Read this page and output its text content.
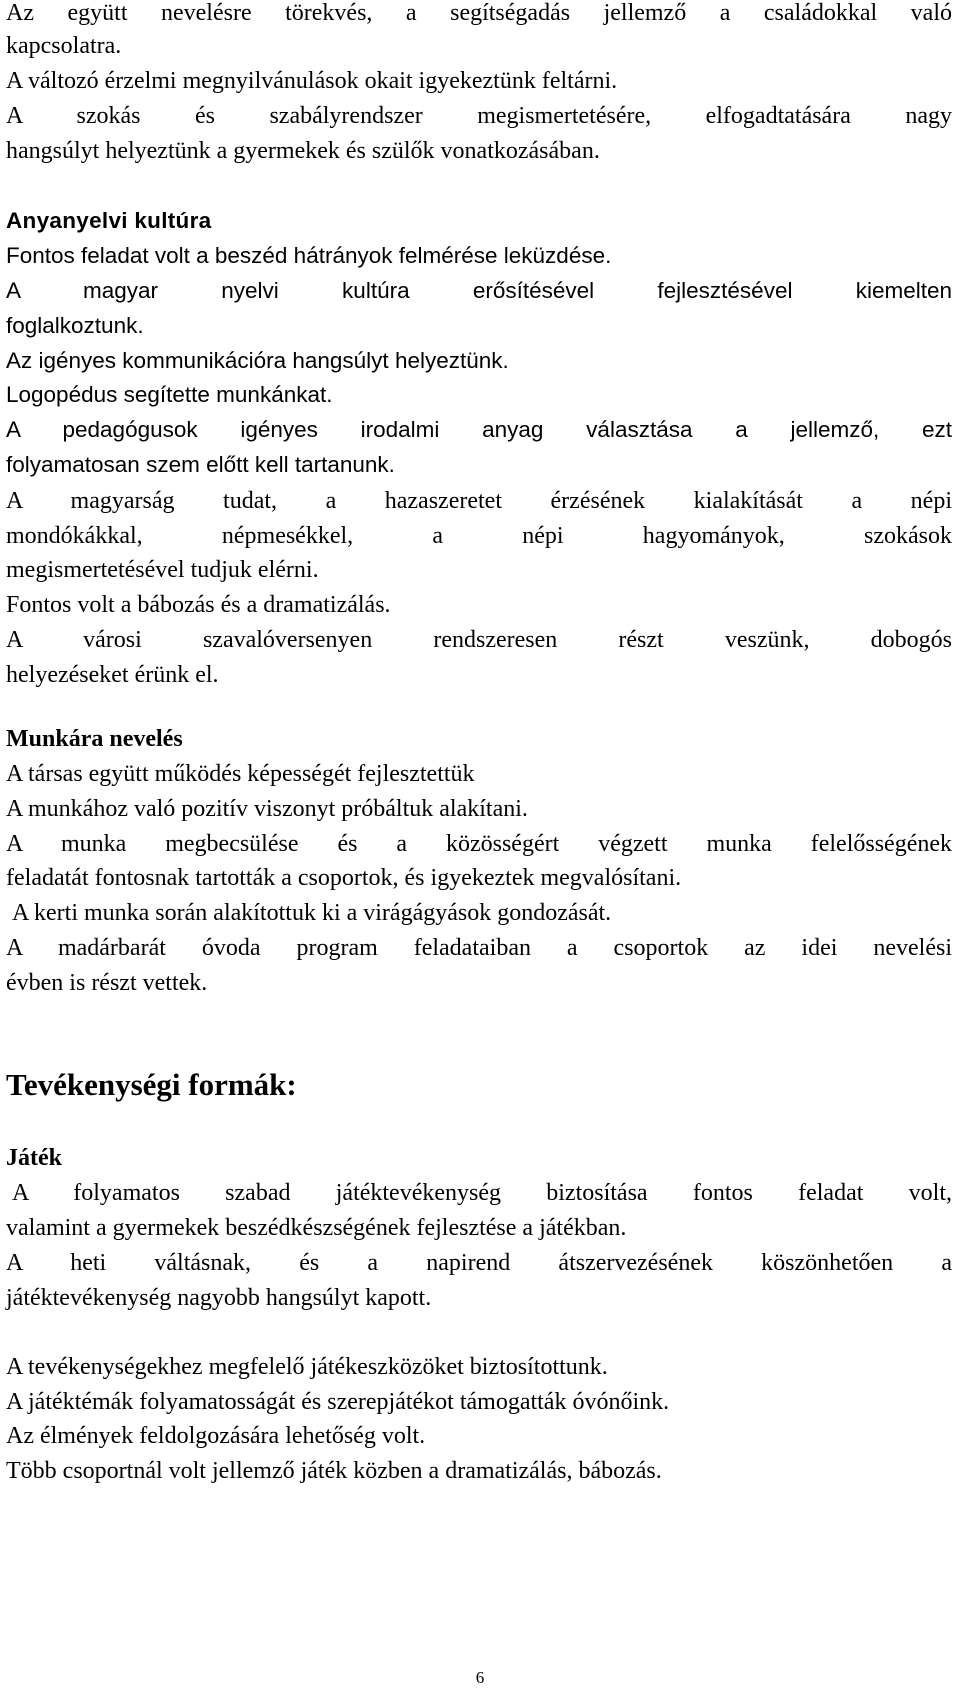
Az együtt nevelésre törekvés, a segítségadás jellemző a családokkal való
kapcsolatra.
A változó érzelmi megnyilvánulások okait igyekeztünk feltárni.
A szokás és szabályrendszer megismertetésére, elfogadtatására nagy
hangsúlyt helyeztünk a gyermekek és szülők vonatkozásában.
Anyanyelvi kultúra
Fontos feladat volt a beszéd hátrányok felmérése leküzdése.
A magyar nyelvi kultúra erősítésével fejlesztésével kiemelten
foglalkoztunk.
Az igényes kommunikációra hangsúlyt helyeztünk.
Logopédus segítette munkánkat.
A pedagógusok igényes irodalmi anyag választása a jellemző, ezt
folyamatosan szem előtt kell tartanunk.
A magyarság tudat, a hazaszeretet érzésének kialakítását a népi
mondókákkal, népmesékkel, a népi hagyományok, szokások
megismertetésével tudjuk elérni.
Fontos volt a bábozás és a dramatizálás.
A városi szavalóversenyen rendszeresen részt veszünk, dobogós
helyezéseket érünk el.
Munkára nevelés
A társas együtt működés képességét fejlesztettük
A munkához való pozitív viszonyt próbáltuk alakítani.
A munka megbecsülése és a közösségért végzett munka felelősségének
feladatát fontosnak tartották a csoportok, és igyekeztek megvalósítani.
A kerti munka során alakítottuk ki a virágágyások gondozását.
A madárbarát óvoda program feladataiban a csoportok az idei nevelési
évben is részt vettek.
Tevékenységi formák:
Játék
A folyamatos szabad játéktevékenység biztosítása fontos feladat volt,
valamint a gyermekek beszédkészségének fejlesztése a játékban.
A heti váltásnak, és a napirend átszervezésének köszönhetően a
játéktevékenység nagyobb hangsúlyt kapott.
A tevékenységekhez megfelelő játékeszközöket biztosítottunk.
A játéktémák folyamatosságát és szerepjátékot támogatták óvónőink.
Az élmények feldolgozására lehetőség volt.
Több csoportnál volt jellemző játék közben a dramatizálás, bábozás.
6
